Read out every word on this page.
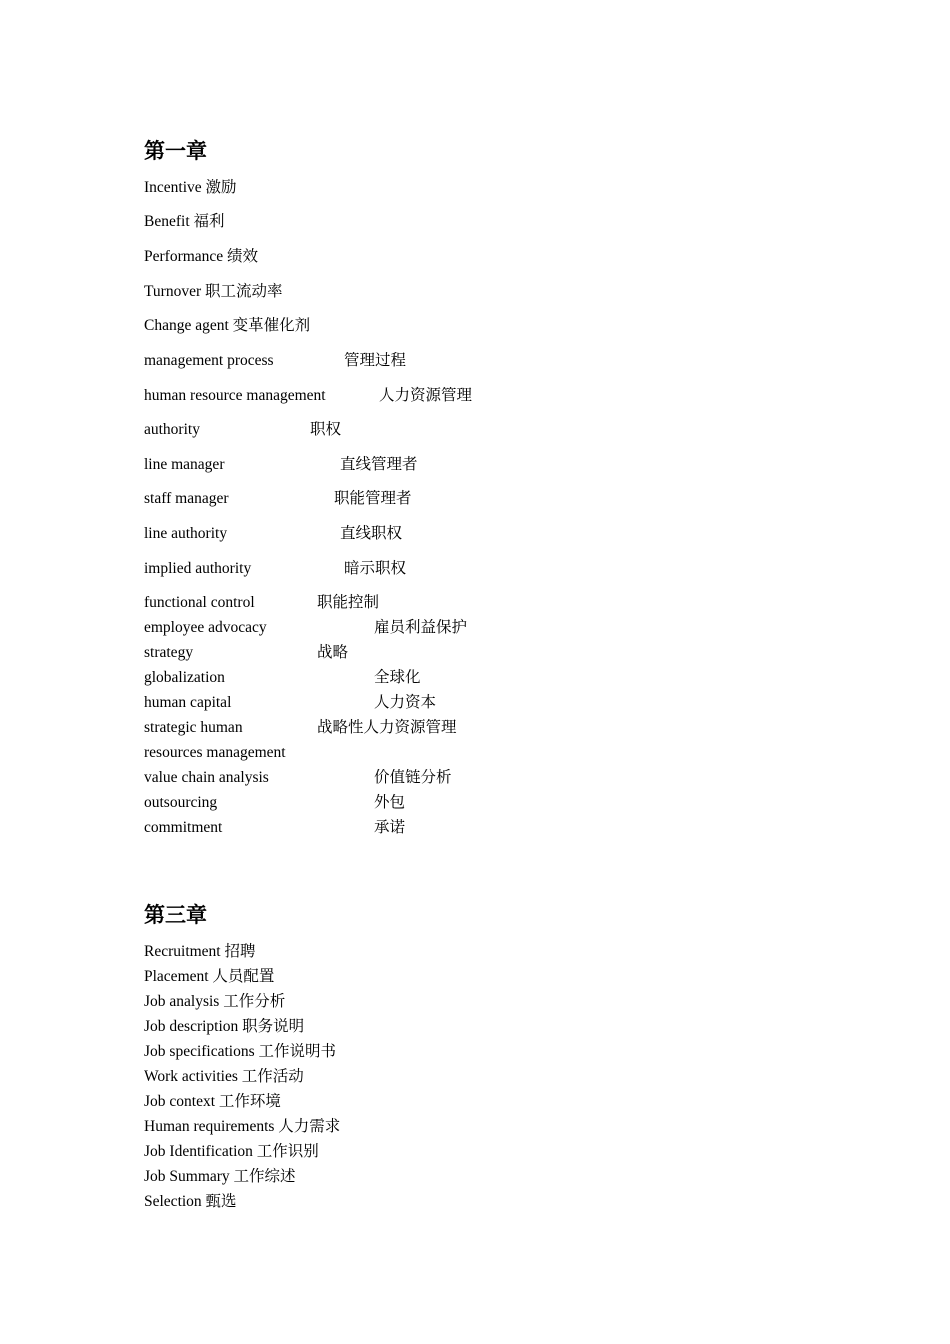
第一章
Incentive 激励
Benefit 福利
Performance 绩效
Turnover 职工流动率
Change agent 变革催化剂
management process	管理过程
human resource management	人力资源管理
authority	职权
line manager	直线管理者
staff manager	职能管理者
line authority	直线职权
implied authority	暗示职权
functional control	职能控制
employee advocacy	雇员利益保护
strategy	战略
globalization	全球化
human capital	人力资本
strategic human	战略性人力资源管理
resources management
value chain analysis	价值链分析
outsourcing	外包
commitment	承诺
第三章
Recruitment 招聘
Placement 人员配置
Job analysis 工作分析
Job description 职务说明
Job specifications 工作说明书
Work activities 工作活动
Job context 工作环境
Human requirements 人力需求
Job Identification 工作识别
Job Summary 工作综述
Selection 甄选
